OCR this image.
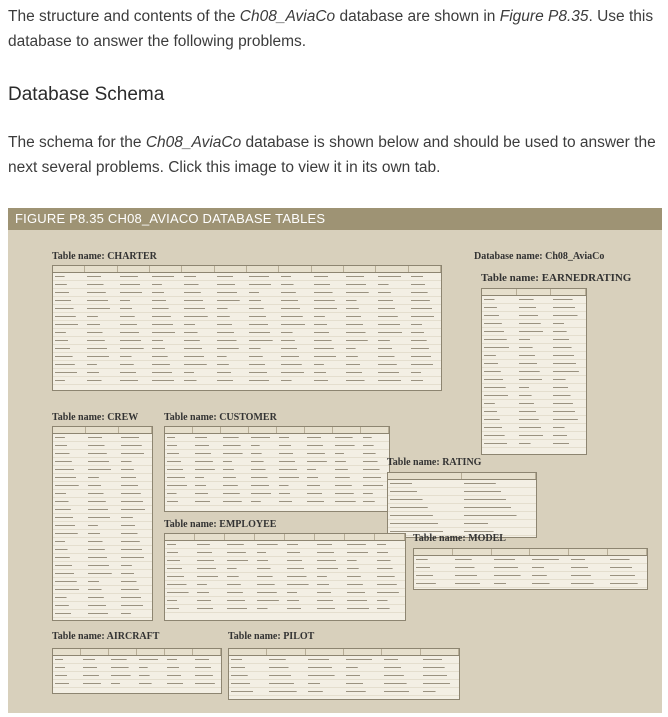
The structure and contents of the Ch08_AviaCo database are shown in Figure P8.35. Use this database to answer the following problems.
Database Schema
The schema for the Ch08_AviaCo database is shown below and should be used to answer the next several problems. Click this image to view it in its own tab.
FIGURE P8.35 CH08_AVIACO DATABASE TABLES
Table name: CHARTER	Database name: Ch08_AviaCo
Table name: EARNEDRATING
Table name: CREW	Table name: CUSTOMER
Table name: RATING
Table name: EMPLOYEE
Table name: MODEL
Table name: AIRCRAFT	Table name: PILOT
